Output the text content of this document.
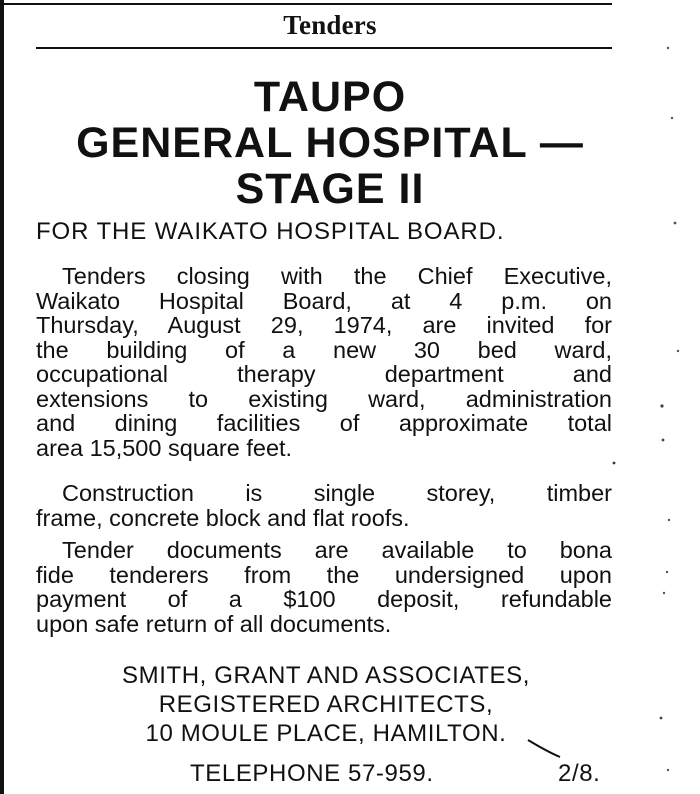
Tenders
TAUPO
GENERAL HOSPITAL —
STAGE II
FOR THE WAIKATO HOSPITAL BOARD.
Tenders closing with the Chief Executive,
Waikato Hospital Board, at 4 p.m. on
Thursday, August 29, 1974, are invited for
the building of a new 30 bed ward,
occupational therapy department and
extensions to existing ward, administration
and dining facilities of approximate total
area 15,500 square feet.
Construction is single storey, timber
frame, concrete block and flat roofs.
Tender documents are available to bona
fide tenderers from the undersigned upon
payment of a $100 deposit, refundable
upon safe return of all documents.
SMITH, GRANT AND ASSOCIATES,
REGISTERED ARCHITECTS,
10 MOULE PLACE, HAMILTON.
TELEPHONE 57-959.	2/8.
